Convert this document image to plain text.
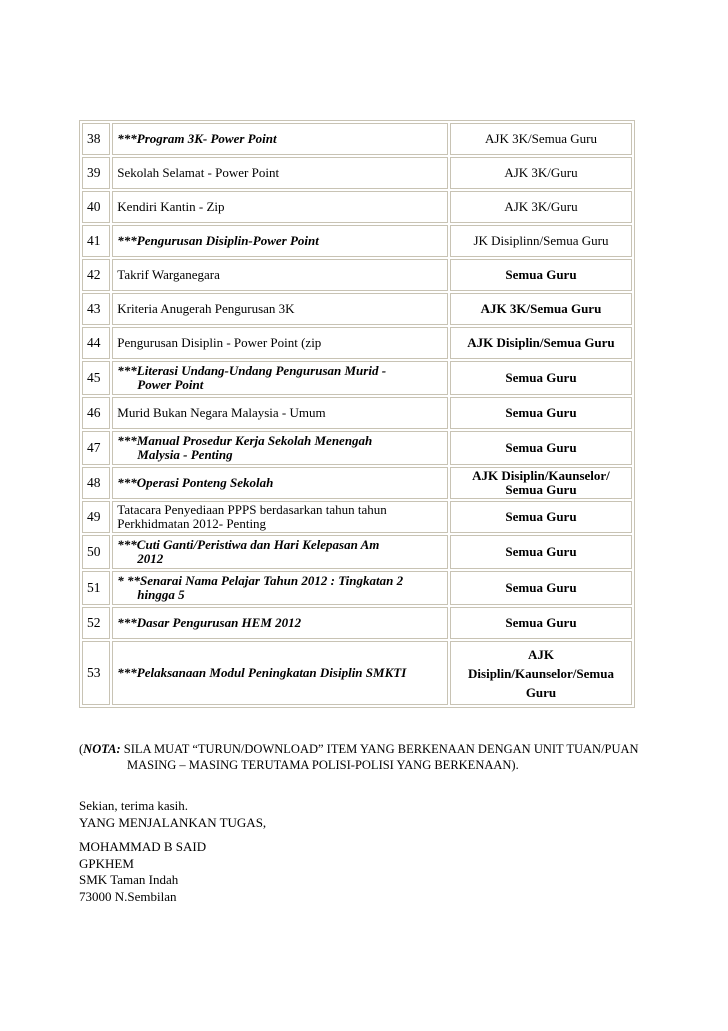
38	***Program 3K- Power Point	AJK 3K/Semua Guru
39	Sekolah Selamat - Power Point	AJK 3K/Guru
40	Kendiri Kantin - Zip	AJK 3K/Guru
41	***Pengurusan Disiplin-Power Point	JK Disiplinn/Semua Guru
42	Takrif Warganegara	Semua Guru
43	Kriteria Anugerah Pengurusan 3K	AJK 3K/Semua Guru
44	Pengurusan Disiplin - Power Point (zip	AJK Disiplin/Semua Guru
45	***Literasi Undang-Undang Pengurusan Murid -
Power Point	Semua Guru
46	Murid Bukan Negara Malaysia - Umum	Semua Guru
47	***Manual Prosedur Kerja Sekolah Menengah
Malysia - Penting	Semua Guru
48	***Operasi Ponteng Sekolah	AJK Disiplin/Kaunselor/
Semua Guru
49	Tatacara Penyediaan PPPS berdasarkan tahun tahun
Perkhidmatan 2012- Penting	Semua Guru
50	***Cuti Ganti/Peristiwa dan Hari Kelepasan Am
2012	Semua Guru
51	* **Senarai Nama Pelajar Tahun 2012 : Tingkatan 2
hingga 5	Semua Guru
52	***Dasar Pengurusan HEM 2012	Semua Guru
53	***Pelaksanaan Modul Peningkatan Disiplin SMKTI	AJK
Disiplin/Kaunselor/Semua
Guru
(NOTA: SILA MUAT “TURUN/DOWNLOAD” ITEM YANG BERKENAAN DENGAN UNIT TUAN/PUAN
MASING – MASING TERUTAMA POLISI-POLISI YANG BERKENAAN).
Sekian, terima kasih.
YANG MENJALANKAN TUGAS,
MOHAMMAD B SAID
GPKHEM
SMK Taman Indah
73000 N.Sembilan
